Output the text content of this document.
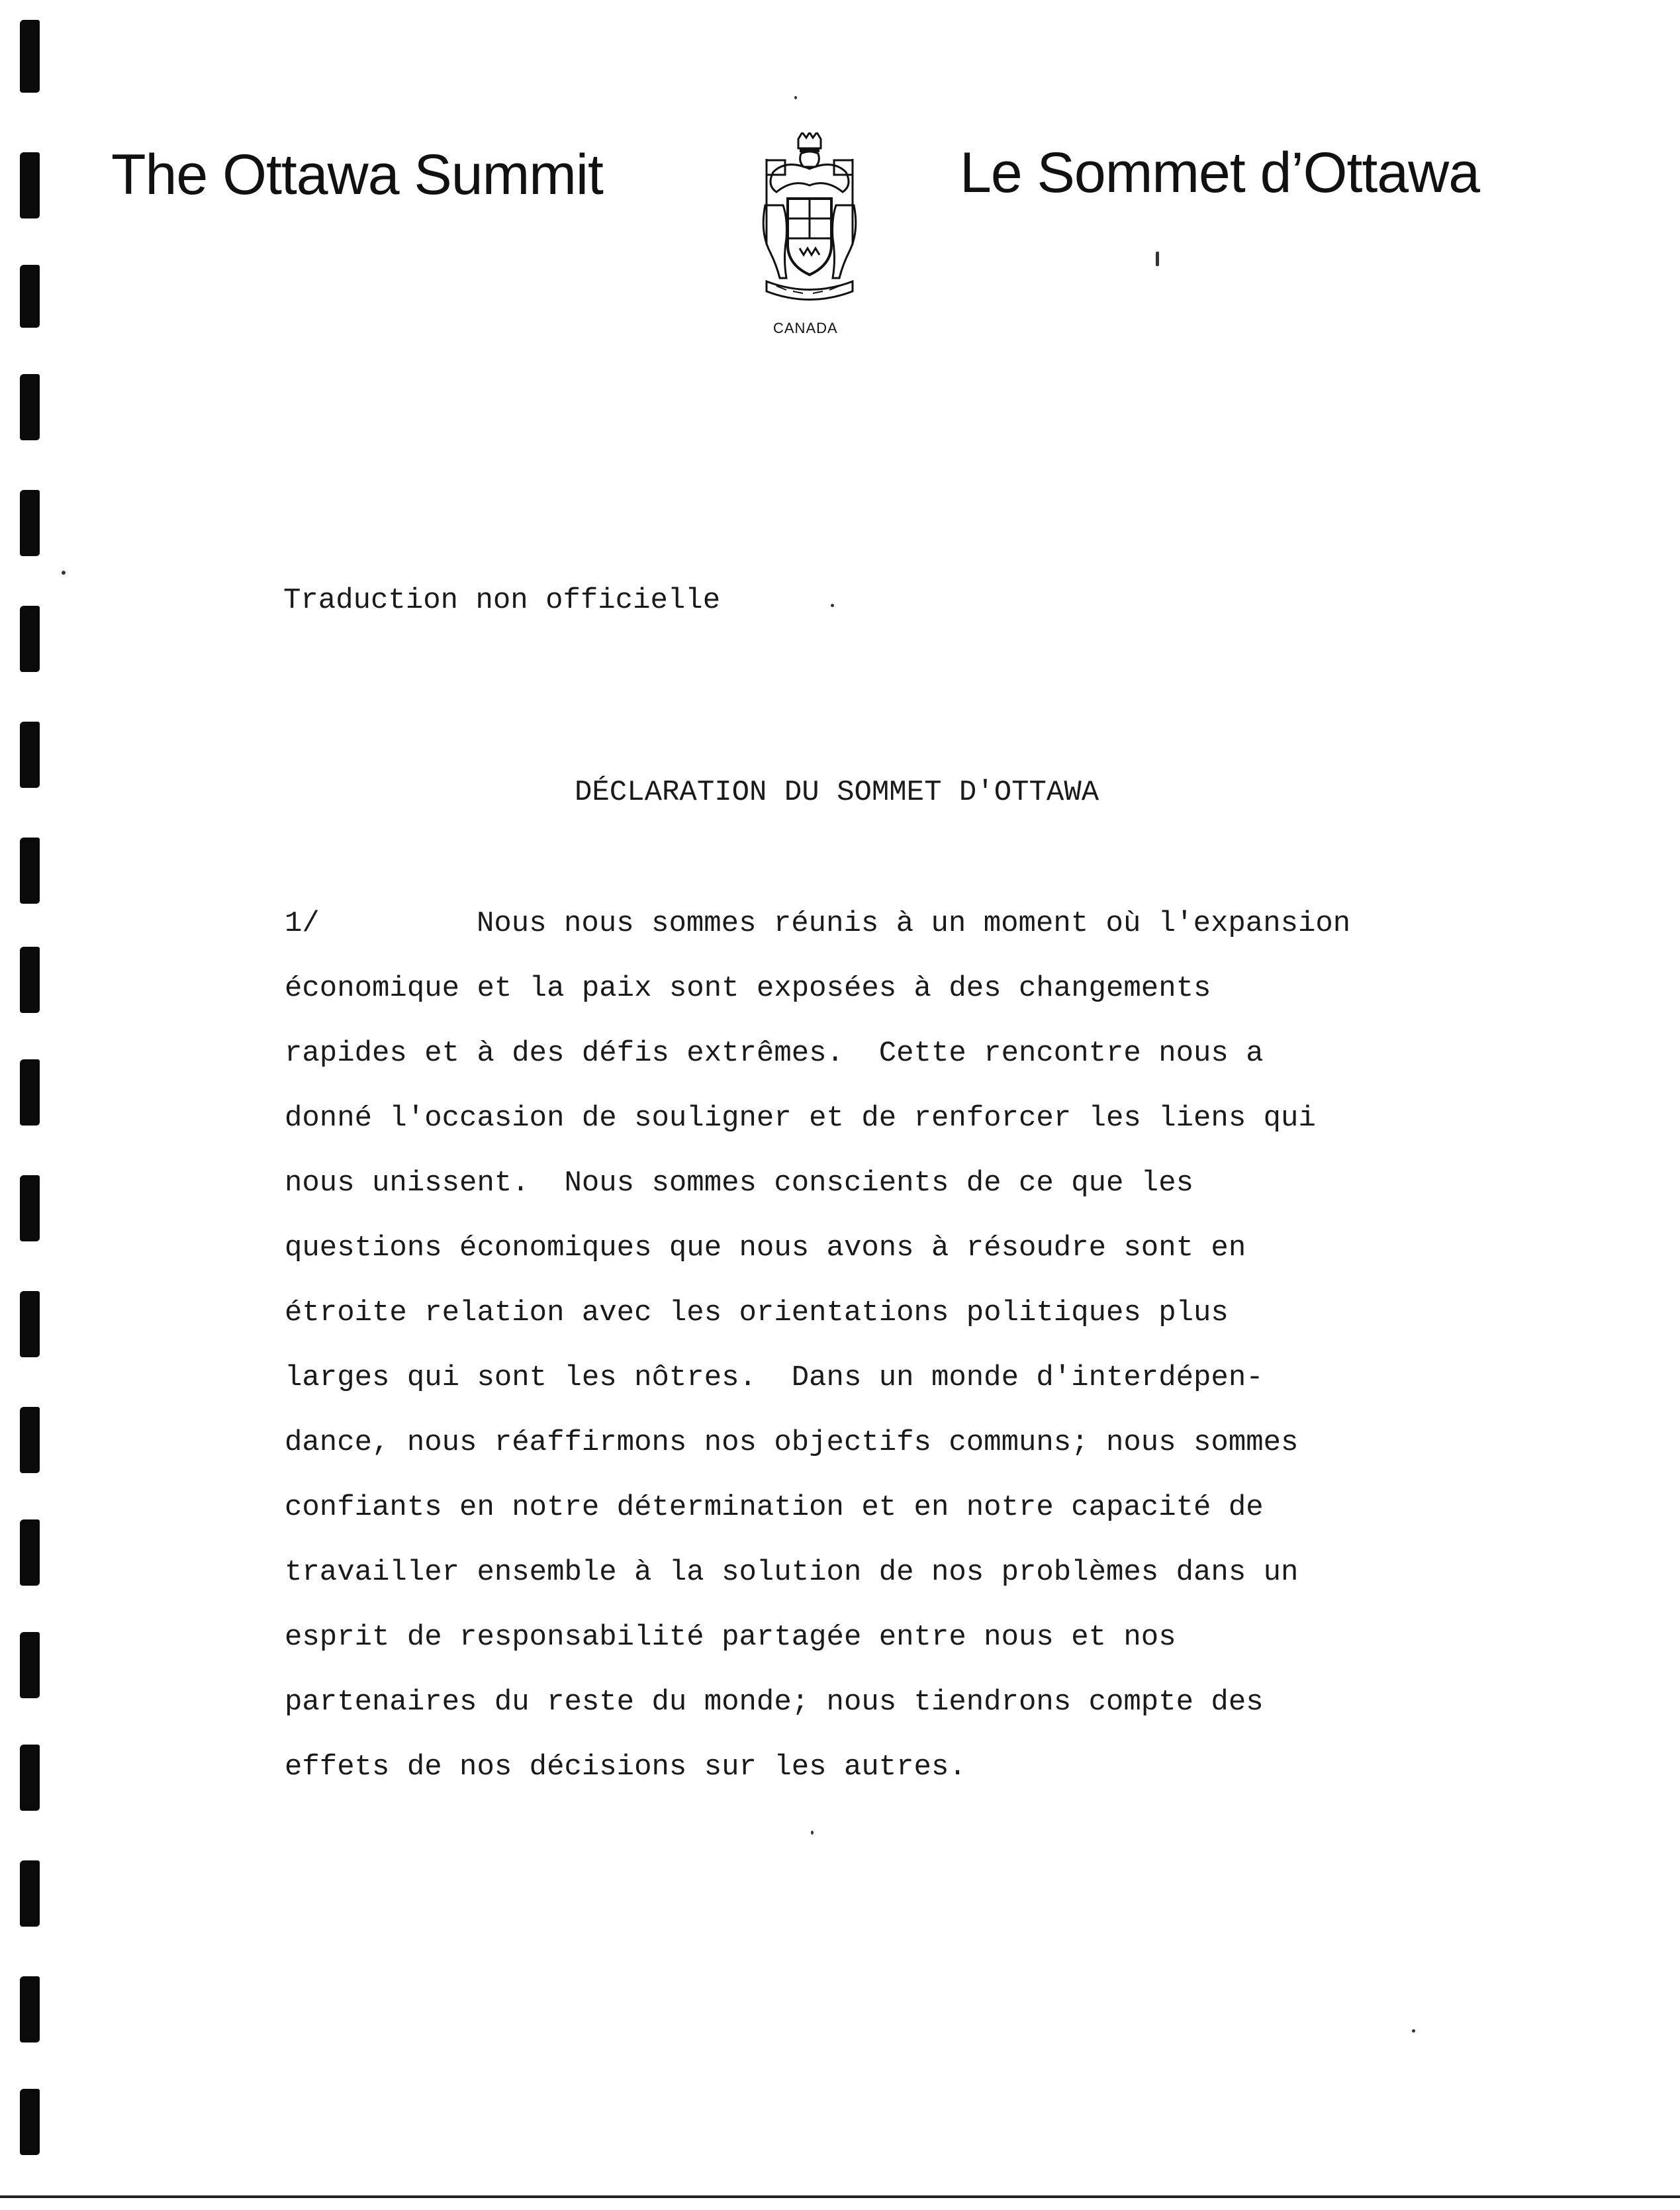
The Ottawa Summit
CANADA
Le Sommet d’Ottawa
Traduction non officielle
DÉCLARATION DU SOMMET D'OTTAWA
1/	Nous nous sommes réunis à un moment où l'expansion
économique et la paix sont exposées à des changements
rapides et à des défis extrêmes.  Cette rencontre nous a
donné l'occasion de souligner et de renforcer les liens qui
nous unissent.  Nous sommes conscients de ce que les
questions économiques que nous avons à résoudre sont en
étroite relation avec les orientations politiques plus
larges qui sont les nôtres.  Dans un monde d'interdépen-
dance, nous réaffirmons nos objectifs communs; nous sommes
confiants en notre détermination et en notre capacité de
travailler ensemble à la solution de nos problèmes dans un
esprit de responsabilité partagée entre nous et nos
partenaires du reste du monde; nous tiendrons compte des
effets de nos décisions sur les autres.
